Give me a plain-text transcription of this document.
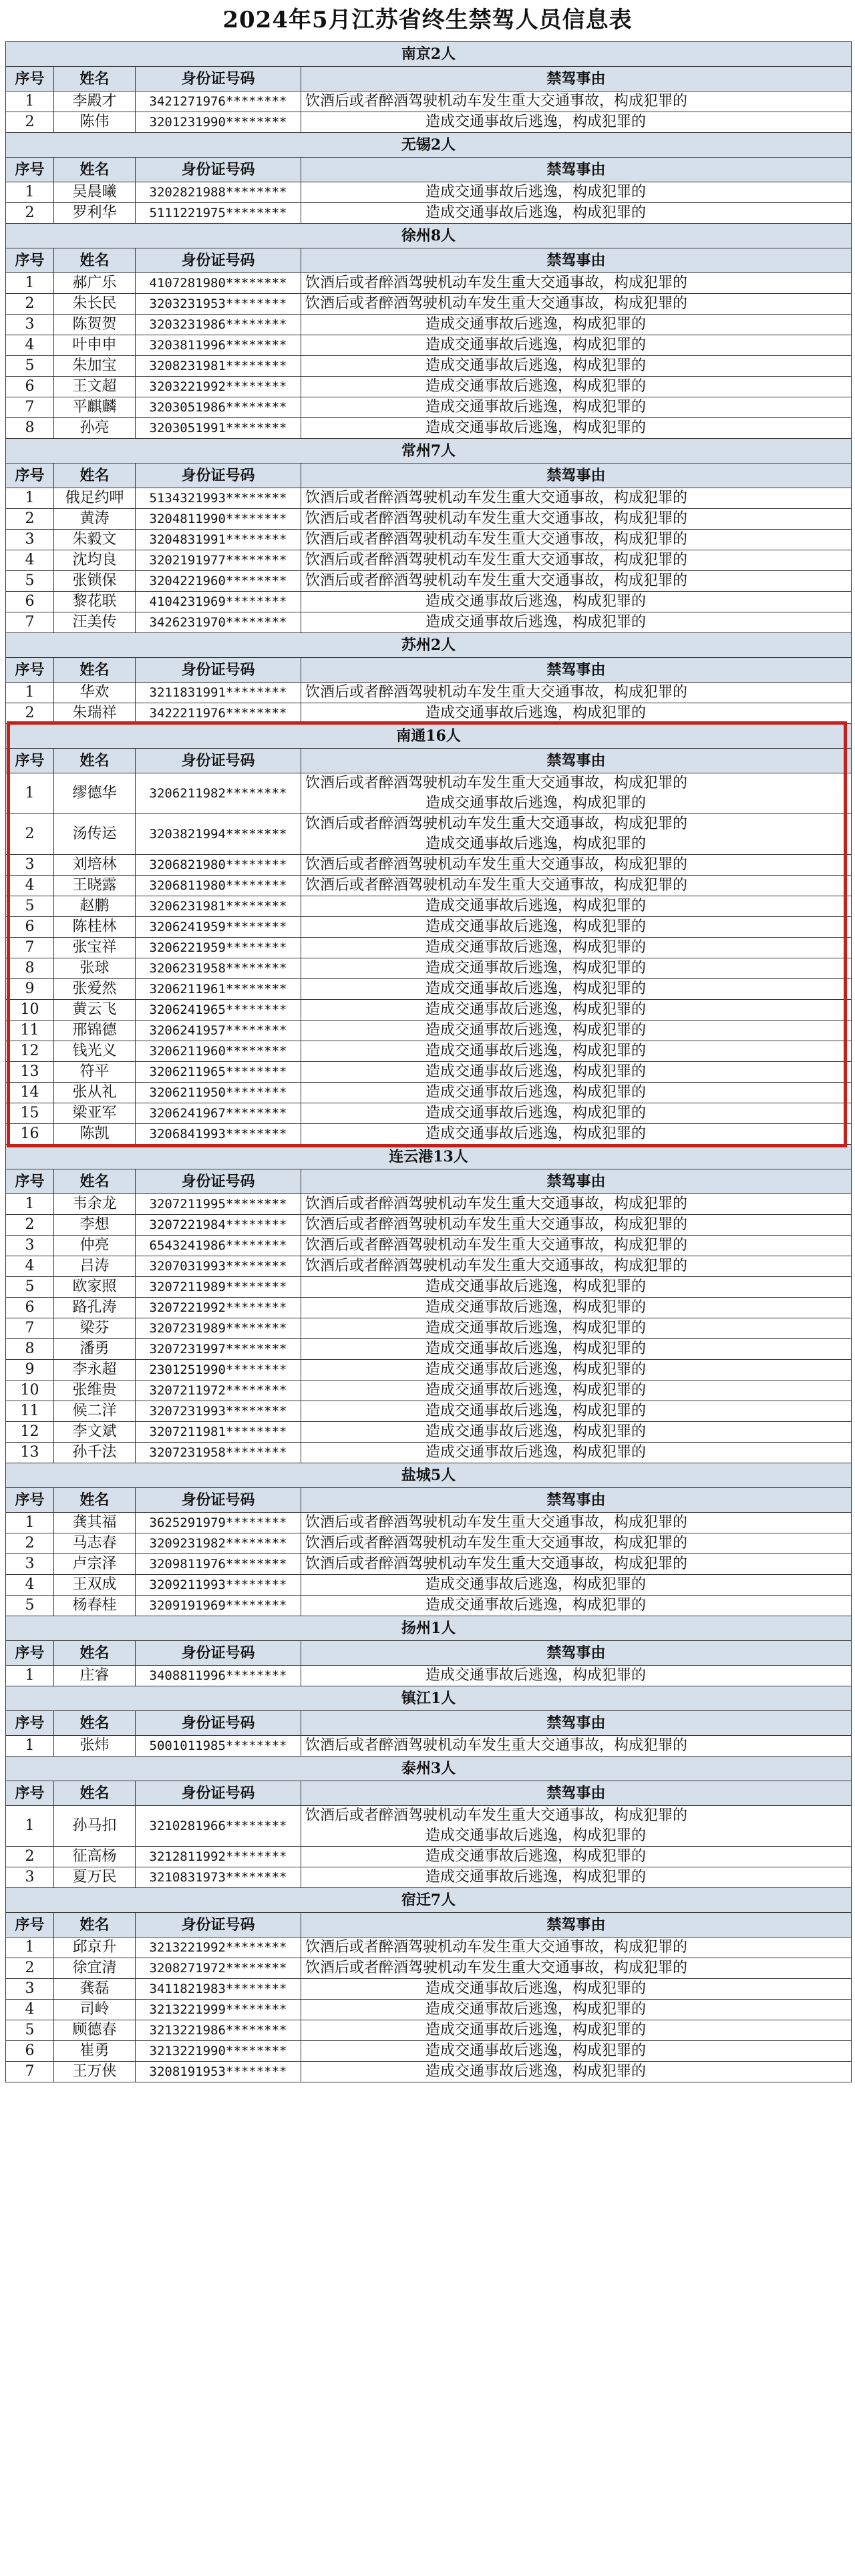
2024年5月江苏省终生禁驾人员信息表
南京2人			
序号	姓名	身份证号码	禁驾事由
1	李殿才	3421271976********	饮酒后或者醉酒驾驶机动车发生重大交通事故，构成犯罪的

2	陈伟	3201231990********	造成交通事故后逃逸，构成犯罪的

无锡2人			
序号	姓名	身份证号码	禁驾事由
1	吴晨曦	3202821988********	造成交通事故后逃逸，构成犯罪的

2	罗利华	5111221975********	造成交通事故后逃逸，构成犯罪的

徐州8人			
序号	姓名	身份证号码	禁驾事由
1	郝广乐	4107281980********	饮酒后或者醉酒驾驶机动车发生重大交通事故，构成犯罪的

2	朱长民	3203231953********	饮酒后或者醉酒驾驶机动车发生重大交通事故，构成犯罪的

3	陈贺贺	3203231986********	造成交通事故后逃逸，构成犯罪的

4	叶申申	3203811996********	造成交通事故后逃逸，构成犯罪的

5	朱加宝	3208231981********	造成交通事故后逃逸，构成犯罪的

6	王文超	3203221992********	造成交通事故后逃逸，构成犯罪的

7	平麒麟	3203051986********	造成交通事故后逃逸，构成犯罪的

8	孙亮	3203051991********	造成交通事故后逃逸，构成犯罪的

常州7人			
序号	姓名	身份证号码	禁驾事由
1	俄足约呷	5134321993********	饮酒后或者醉酒驾驶机动车发生重大交通事故，构成犯罪的

2	黄涛	3204811990********	饮酒后或者醉酒驾驶机动车发生重大交通事故，构成犯罪的

3	朱毅文	3204831991********	饮酒后或者醉酒驾驶机动车发生重大交通事故，构成犯罪的

4	沈均良	3202191977********	饮酒后或者醉酒驾驶机动车发生重大交通事故，构成犯罪的

5	张锁保	3204221960********	饮酒后或者醉酒驾驶机动车发生重大交通事故，构成犯罪的

6	黎花联	4104231969********	造成交通事故后逃逸，构成犯罪的

7	汪美传	3426231970********	造成交通事故后逃逸，构成犯罪的

苏州2人			
序号	姓名	身份证号码	禁驾事由
1	华欢	3211831991********	饮酒后或者醉酒驾驶机动车发生重大交通事故，构成犯罪的

2	朱瑞祥	3422211976********	造成交通事故后逃逸，构成犯罪的

南通16人			
序号	姓名	身份证号码	禁驾事由
1	缪德华	3206211982********	饮酒后或者醉酒驾驶机动车发生重大交通事故，构成犯罪的
造成交通事故后逃逸，构成犯罪的

2	汤传运	3203821994********	饮酒后或者醉酒驾驶机动车发生重大交通事故，构成犯罪的
造成交通事故后逃逸，构成犯罪的

3	刘培林	3206821980********	饮酒后或者醉酒驾驶机动车发生重大交通事故，构成犯罪的

4	王晓露	3206811980********	饮酒后或者醉酒驾驶机动车发生重大交通事故，构成犯罪的

5	赵鹏	3206231981********	造成交通事故后逃逸，构成犯罪的

6	陈桂林	3206241959********	造成交通事故后逃逸，构成犯罪的

7	张宝祥	3206221959********	造成交通事故后逃逸，构成犯罪的

8	张球	3206231958********	造成交通事故后逃逸，构成犯罪的

9	张爱然	3206211961********	造成交通事故后逃逸，构成犯罪的

10	黄云飞	3206241965********	造成交通事故后逃逸，构成犯罪的

11	邢锦德	3206241957********	造成交通事故后逃逸，构成犯罪的

12	钱光义	3206211960********	造成交通事故后逃逸，构成犯罪的

13	符平	3206211965********	造成交通事故后逃逸，构成犯罪的

14	张从礼	3206211950********	造成交通事故后逃逸，构成犯罪的

15	梁亚军	3206241967********	造成交通事故后逃逸，构成犯罪的

16	陈凯	3206841993********	造成交通事故后逃逸，构成犯罪的

连云港13人			
序号	姓名	身份证号码	禁驾事由
1	韦余龙	3207211995********	饮酒后或者醉酒驾驶机动车发生重大交通事故，构成犯罪的

2	李想	3207221984********	饮酒后或者醉酒驾驶机动车发生重大交通事故，构成犯罪的

3	仲亮	6543241986********	饮酒后或者醉酒驾驶机动车发生重大交通事故，构成犯罪的

4	吕涛	3207031993********	饮酒后或者醉酒驾驶机动车发生重大交通事故，构成犯罪的

5	欧家照	3207211989********	造成交通事故后逃逸，构成犯罪的

6	路孔涛	3207221992********	造成交通事故后逃逸，构成犯罪的

7	梁芬	3207231989********	造成交通事故后逃逸，构成犯罪的

8	潘勇	3207231997********	造成交通事故后逃逸，构成犯罪的

9	李永超	2301251990********	造成交通事故后逃逸，构成犯罪的

10	张维贵	3207211972********	造成交通事故后逃逸，构成犯罪的

11	候二洋	3207231993********	造成交通事故后逃逸，构成犯罪的

12	李文斌	3207211981********	造成交通事故后逃逸，构成犯罪的

13	孙千法	3207231958********	造成交通事故后逃逸，构成犯罪的

盐城5人			
序号	姓名	身份证号码	禁驾事由
1	龚其福	3625291979********	饮酒后或者醉酒驾驶机动车发生重大交通事故，构成犯罪的

2	马志春	3209231982********	饮酒后或者醉酒驾驶机动车发生重大交通事故，构成犯罪的

3	卢宗泽	3209811976********	饮酒后或者醉酒驾驶机动车发生重大交通事故，构成犯罪的

4	王双成	3209211993********	造成交通事故后逃逸，构成犯罪的

5	杨春桂	3209191969********	造成交通事故后逃逸，构成犯罪的

扬州1人			
序号	姓名	身份证号码	禁驾事由
1	庄睿	3408811996********	造成交通事故后逃逸，构成犯罪的

镇江1人			
序号	姓名	身份证号码	禁驾事由
1	张炜	5001011985********	饮酒后或者醉酒驾驶机动车发生重大交通事故，构成犯罪的

泰州3人			
序号	姓名	身份证号码	禁驾事由
1	孙马扣	3210281966********	饮酒后或者醉酒驾驶机动车发生重大交通事故，构成犯罪的
造成交通事故后逃逸，构成犯罪的

2	征高杨	3212811992********	造成交通事故后逃逸，构成犯罪的

3	夏万民	3210831973********	造成交通事故后逃逸，构成犯罪的

宿迁7人			
序号	姓名	身份证号码	禁驾事由
1	邱京升	3213221992********	饮酒后或者醉酒驾驶机动车发生重大交通事故，构成犯罪的

2	徐宜清	3208271972********	饮酒后或者醉酒驾驶机动车发生重大交通事故，构成犯罪的

3	龚磊	3411821983********	造成交通事故后逃逸，构成犯罪的

4	司岭	3213221999********	造成交通事故后逃逸，构成犯罪的

5	顾德春	3213221986********	造成交通事故后逃逸，构成犯罪的

6	崔勇	3213221990********	造成交通事故后逃逸，构成犯罪的

7	王万侠	3208191953********	造成交通事故后逃逸，构成犯罪的
